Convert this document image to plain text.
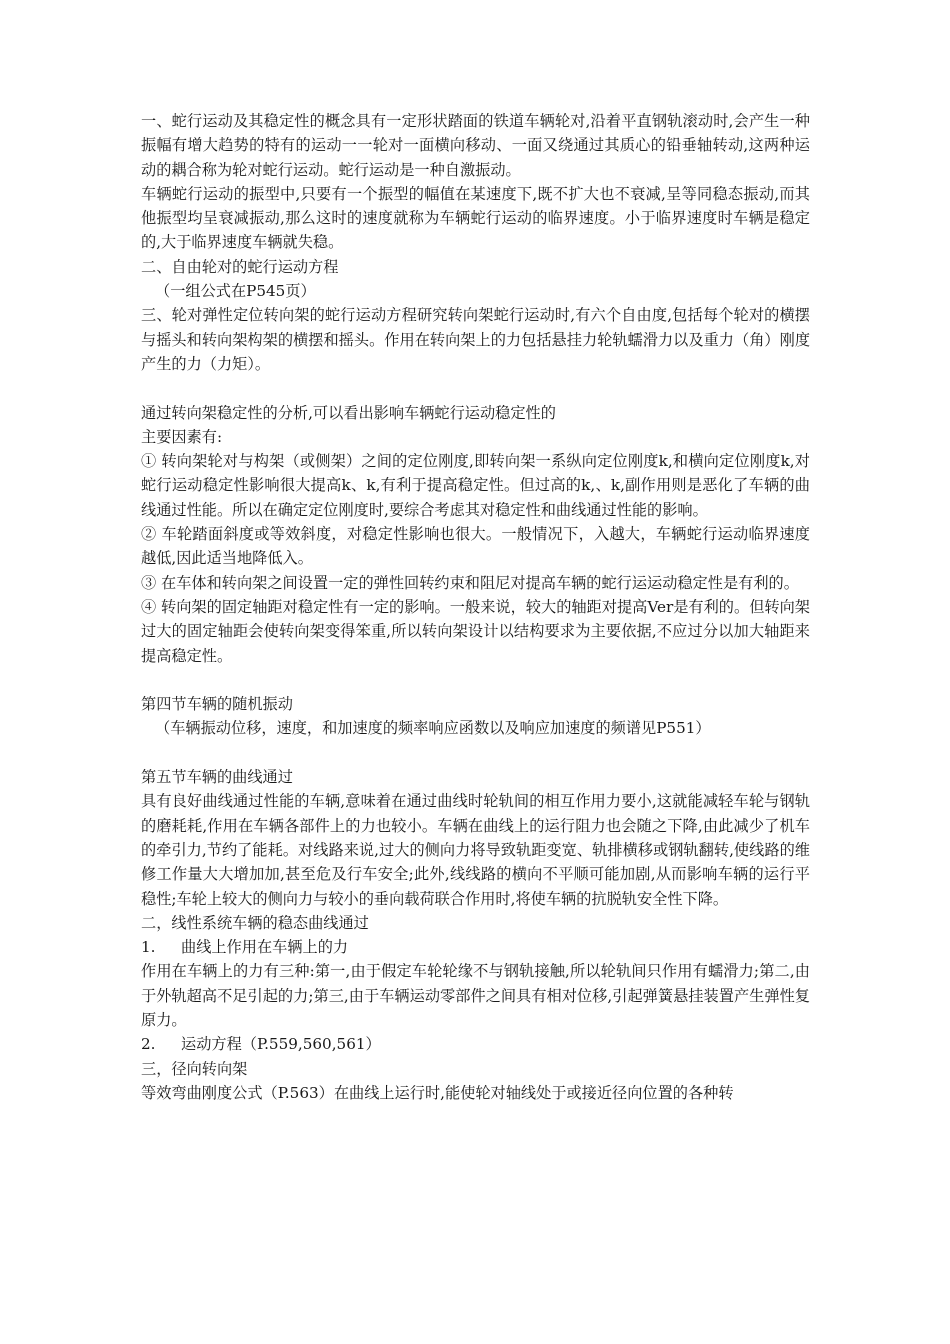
一、蛇行运动及其稳定性的概念具有一定形状踏面的铁道车辆轮对,沿着平直钢轨滚动时,会产生一种振幅有增大趋势的特有的运动一一轮对一面横向移动、一面又绕通过其质心的铅垂轴转动,这两种运动的耦合称为轮对蛇行运动。蛇行运动是一种自激振动。

车辆蛇行运动的振型中,只要有一个振型的幅值在某速度下,既不扩大也不衰减,呈等同稳态振动,而其他振型均呈衰减振动,那么这时的速度就称为车辆蛇行运动的临界速度。小于临界速度时车辆是稳定的,大于临界速度车辆就失稳。

二、自由轮对的蛇行运动方程

（一组公式在P545页）

三、轮对弹性定位转向架的蛇行运动方程研究转向架蛇行运动时,有六个自由度,包括每个轮对的横摆与摇头和转向架构架的横摆和摇头。作用在转向架上的力包括悬挂力轮轨蠕滑力以及重力（角）刚度产生的力（力矩）。

通过转向架稳定性的分析,可以看出影响车辆蛇行运动稳定性的

主要因素有:

① 转向架轮对与构架（或侧架）之间的定位刚度,即转向架一系纵向定位刚度k,和横向定位刚度k,对蛇行运动稳定性影响很大提高k、k,有利于提高稳定性。但过高的k,、k,副作用则是恶化了车辆的曲线通过性能。所以在确定定位刚度时,要综合考虑其对稳定性和曲线通过性能的影响。

② 车轮踏面斜度或等效斜度，对稳定性影响也很大。一般情况下，入越大，车辆蛇行运动临界速度越低,因此适当地降低入。

③ 在车体和转向架之间设置一定的弹性回转约束和阻尼对提高车辆的蛇行运运动稳定性是有利的。

④ 转向架的固定轴距对稳定性有一定的影响。一般来说，较大的轴距对提高Ver是有利的。但转向架过大的固定轴距会使转向架变得笨重,所以转向架设计以结构要求为主要依据,不应过分以加大轴距来提高稳定性。

第四节车辆的随机振动

（车辆振动位移，速度，和加速度的频率响应函数以及响应加速度的频谱见P551）

第五节车辆的曲线通过

具有良好曲线通过性能的车辆,意味着在通过曲线时轮轨间的相互作用力要小,这就能减轻车轮与钢轨的磨耗耗,作用在车辆各部件上的力也较小。车辆在曲线上的运行阻力也会随之下降,由此减少了机车的牵引力,节约了能耗。对线路来说,过大的侧向力将导致轨距变宽、轨排横移或钢轨翻转,使线路的维修工作量大大增加加,甚至危及行车安全;此外,线线路的横向不平顺可能加剧,从而影响车辆的运行平稳性;车轮上较大的侧向力与较小的垂向载荷联合作用时,将使车辆的抗脱轨安全性下降。

二，线性系统车辆的稳态曲线通过

1. 曲线上作用在车辆上的力

作用在车辆上的力有三种:第一,由于假定车轮轮缘不与钢轨接触,所以轮轨间只作用有蠕滑力;第二,由于外轨超高不足引起的力;第三,由于车辆运动零部件之间具有相对位移,引起弹簧悬挂装置产生弹性复原力。

2. 运动方程（P.559,560,561）

三，径向转向架

等效弯曲刚度公式（P.563）在曲线上运行时,能使轮对轴线处于或接近径向位置的各种转
